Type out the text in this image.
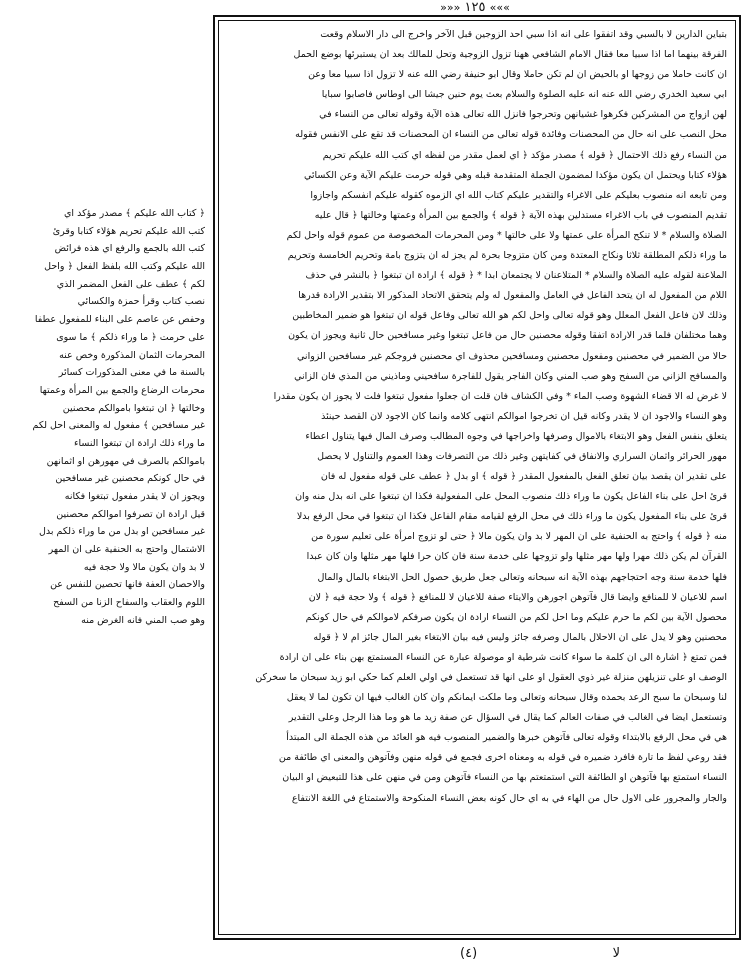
»»» ١٢٥ «««
بتباين الدارين لا بالسبي وقد اتفقوا على انه اذا سبي احد الزوجين قبل الآخر واخرج الى دار الاسلام وقعت
الفرقة بينهما اما اذا سبيا معا فقال الامام الشافعي ههنا تزول الزوجية وتحل للمالك بعد ان يستبرئها بوضع الحمل
ان كانت حاملا من زوجها او بالحيض ان لم تكن حاملا وقال ابو حنيفة رضي الله عنه لا تزول اذا سبيا معا وعن
ابي سعيد الخدري رضي الله عنه انه عليه الصلوة والسلام بعث يوم حنين جيشا الى اوطاس فاصابوا سبايا
لهن ازواج من المشركين فكرهوا غشيانهن وتحرجوا فانزل الله تعالى هذه الآية وقوله تعالى من النساء في
محل النصب على انه حال من المحصنات وفائدة قوله تعالى من النساء ان المحصنات قد تقع على الانفس فقوله
من النساء رفع ذلك الاحتمال ﴿ قوله ﴾ مصدر مؤكد ﴿ اي لعمل مقدر من لفظه اي كتب الله عليكم تحريم
هؤلاء كتابا ويحتمل ان يكون مؤكدا لمضمون الجملة المتقدمة قبله وهي قوله حرمت عليكم الآية وعن الكسائي
ومن تابعه انه منصوب بعليكم على الاغراء والتقدير عليكم كتاب الله اي الزموه كقوله عليكم انفسكم واجازوا
تقديم المنصوب في باب الاغراء مستدلين بهذه الآية ﴿ قوله ﴾ والجمع بين المرأة وعمتها وخالتها ﴿ قال عليه
الصلاة والسلام * لا تنكح المرأة على عمتها ولا على خالتها * ومن المحرمات المخصوصة من عموم قوله واحل لكم
ما وراء ذلكم المطلقة ثلاثا ونكاح المعتدة ومن كان متزوجا بحرة لم يجز له ان يتزوج بامة وتحريم الخامسة وتحريم
الملاعنة لقوله عليه الصلاة والسلام * المتلاعنان لا يجتمعان ابدا * ﴿ قوله ﴾ ارادة ان تبتغوا ﴿ بالنشر في حذف
اللام من المفعول له ان يتحد الفاعل في العامل والمفعول له ولم يتحقق الاتحاد المذكور الا بتقدير الارادة قدرها
وذلك لان فاعل الفعل المعلل وهو قوله تعالى واحل لكم هو الله تعالى وفاعل قوله ان تبتغوا هو ضمير المخاطبين
وهما مختلفان فلما قدر الارادة اتفقا وقوله محصنين حال من فاعل تبتغوا وغير مسافحين حال ثانية ويجوز ان يكون
حالا من الضمير في محصنين ومفعول محصنين ومسافحين محذوف اي محصنين فروجكم غير مسافحين الزواني
والمسافح الزاني من السفح وهو صب المني وكان الفاجر يقول للفاجرة سافحيني وماذيني من المذي فان الزاني
لا غرض له الا قضاء الشهوة وصب الماء * وفي الكشاف فان قلت ان جعلوا مفعول تبتغوا فلت لا يجوز ان يكون مقدرا
وهو النساء والاجود ان لا يقدر وكانه قيل ان تخرجوا اموالكم انتهى كلامه وانما كان الاجود لان القصد حينئذ
يتعلق بنفس الفعل وهو الابتغاء بالاموال وصرفها واخراجها في وجوه المطالب وصرف المال فيها يتناول اعطاء
مهور الحرائر واثمان السراري والانفاق في كفايتهن وغير ذلك من التصرفات وهذا العموم والتناول لا يحصل
على تقدير ان يقصد بيان تعلق الفعل بالمفعول المقدر ﴿ قوله ﴾ او بدل ﴿ عطف على قوله مفعول له فان
قرئ احل على بناء الفاعل يكون ما وراء ذلك منصوب المحل على المفعولية فكذا ان تبتغوا على انه بدل منه وان
قرئ على بناء المفعول يكون ما وراء ذلك في محل الرفع لقيامه مقام الفاعل فكذا ان تبتغوا في محل الرفع بدلا
منه ﴿ قوله ﴾ واحتج به الحنفية على ان المهر لا بد وان يكون مالا ﴿ حتى لو تزوج امرأة على تعليم سورة من
القرآن لم يكن ذلك مهرا ولها مهر مثلها ولو تزوجها على خدمة سنة فان كان حرا فلها مهر مثلها وان كان عبدا
فلها خدمة سنة وجه احتجاجهم بهذه الآية انه سبحانه وتعالى جعل طريق حصول الحل الابتغاء بالمال والمال
اسم للاعيان لا للمنافع وايضا قال فآتوهن اجورهن والايتاء صفة للاعيان لا للمنافع ﴿ قوله ﴾ ولا حجة فيه ﴿ لان
محصول الآية بين لكم ما حرم عليكم وما احل لكم من النساء ارادة ان يكون صرفكم لاموالكم في حال كونكم
محصنين وهو لا يدل على ان الاحلال بالمال وصرفه جائز وليس فيه بيان الابتغاء بغير المال جائز ام لا ﴿ قوله
فمن تمتع ﴿ اشارة الى ان كلمة ما سواء كانت شرطية او موصولة عبارة عن النساء المستمتع بهن بناء على ان ارادة
الوصف او على تنزيلهن منزلة غير ذوي العقول او على انها قد تستعمل في اولي العلم كما حكي ابو زيد سبحان ما سخركن
لنا وسبحان ما سبح الرعد بحمده وقال سبحانه وتعالى وما ملكت ايمانكم وان كان الغالب فيها ان تكون لما لا يعقل
وتستعمل ايضا في الغالب في صفات العالم كما يقال في السؤال عن صفة زيد ما هو وما هذا الرجل وعلى التقدير
هي في محل الرفع بالابتداء وقوله تعالى فآتوهن خبرها والضمير المنصوب فيه هو العائد من هذه الجملة الى المبتدأ
فقد روعي لفظ ما تارة فافرد ضميره في قوله به ومعناه اخرى فجمع في قوله منهن وفآتوهن والمعنى اي طائفة من
النساء استمتع بها فآتوهن او الطائفة التي استمتعتم بها من النساء فآتوهن ومن في منهن على هذا للتبعيض او البيان
والجار والمجرور على الاول حال من الهاء في به اي حال كونه بعض النساء المنكوحة والاستمتاع في اللغة الانتفاع
﴿ كتاب الله عليكم ﴾ مصدر مؤكد اي
كتب الله عليكم تحريم هؤلاء كتابا وقرئ
كتب الله بالجمع والرفع اي هذه فرائض
الله عليكم وكتب الله بلفظ الفعل ﴿ واحل
لكم ﴾ عطف على الفعل المضمر الذي
نصب كتاب وقرأ حمزة والكسائي
وحفص عن عاصم على البناء للمفعول عطفا
على حرمت ﴿ ما وراء ذلكم ﴾ ما سوى
المحرمات الثمان المذكورة وخص عنه
بالسنة ما في معنى المذكورات كسائر
محرمات الرضاع والجمع بين المرأة وعمتها
وخالتها ﴿ ان تبتغوا باموالكم محصنين
غير مسافحين ﴾ مفعول له والمعنى احل لكم
ما وراء ذلك ارادة ان تبتغوا النساء
باموالكم بالصرف في مهورهن او اثمانهن
في حال كونكم محصنين غير مسافحين
ويجوز ان لا يقدر مفعول تبتغوا فكانه
قيل ارادة ان تصرفوا اموالكم محصنين
غير مسافحين او بدل من ما وراء ذلكم بدل
الاشتمال واحتج به الحنفية على ان المهر
لا بد وان يكون مالا ولا حجة فيه
والاحصان العفة فانها تحصين للنفس عن
اللوم والعقاب والسفاح الزنا من السفح
وهو صب المني فانه الغرض منه
لا
(٤)
